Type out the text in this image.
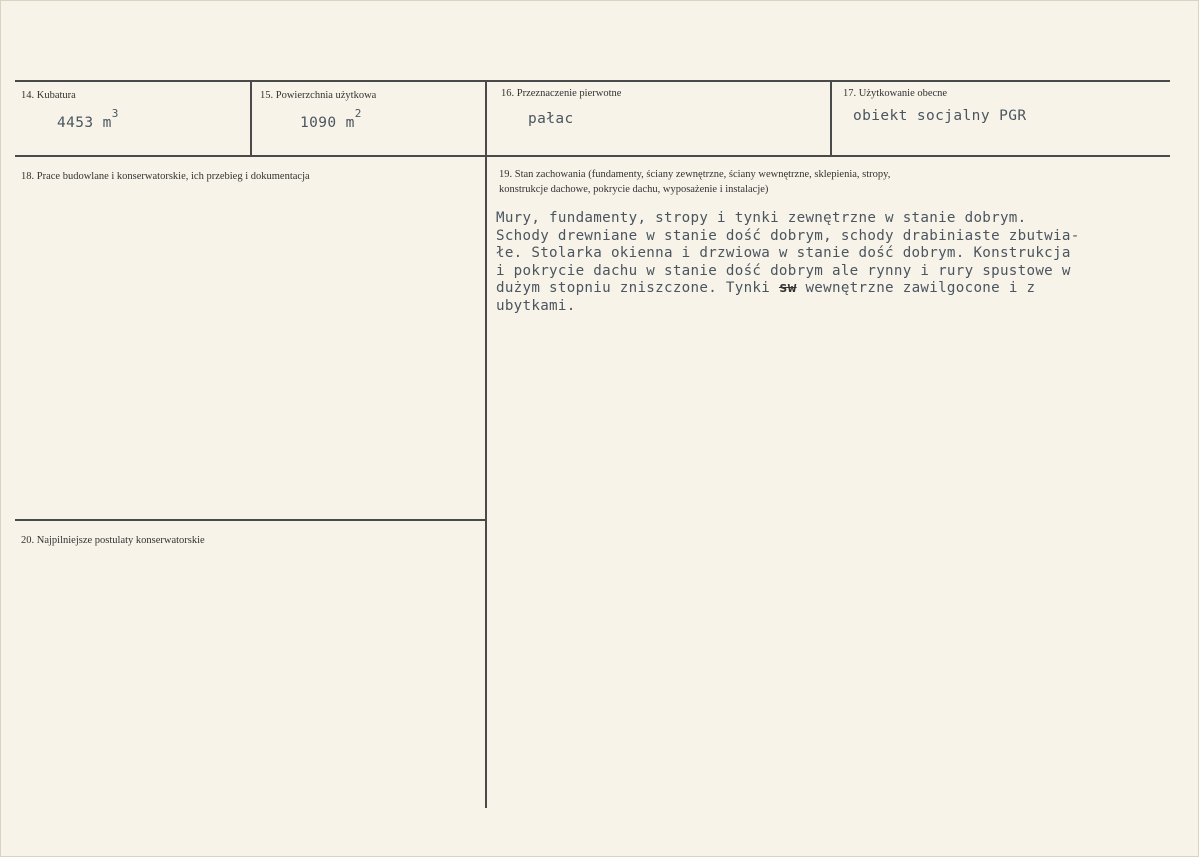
14. Kubatura
4453 $m^3$
15. Powierzchnia użytkowa
1090 $m^2$
16. Przeznaczenie pierwotne
pałac
17. Użytkowanie obecne
obiekt socjalny PGR
18. Prace budowlane i konserwatorskie, ich przebieg i dokumentacja	19. Stan zachowania (fundamenty, ściany zewnętrzne, ściany wewnętrzne, sklepienia, stropy,
konstrukcje dachowe, pokrycie dachu, wyposażenie i instalacje)
Mury, fundamenty, stropy i tynki zewnętrzne w stanie dobrym.
Schody drewniane w stanie dość dobrym, schody drabiniaste zbutwia-
łe. Stolarka okienna i drzwiowa w stanie dość dobrym. Konstrukcja
i pokrycie dachu w stanie dość dobrym ale rynny i rury spustowe w
dużym stopniu zniszczone. Tynki sw wewnętrzne zawilgocone i z
ubytkami.
20. Najpilniejsze postulaty konserwatorskie
